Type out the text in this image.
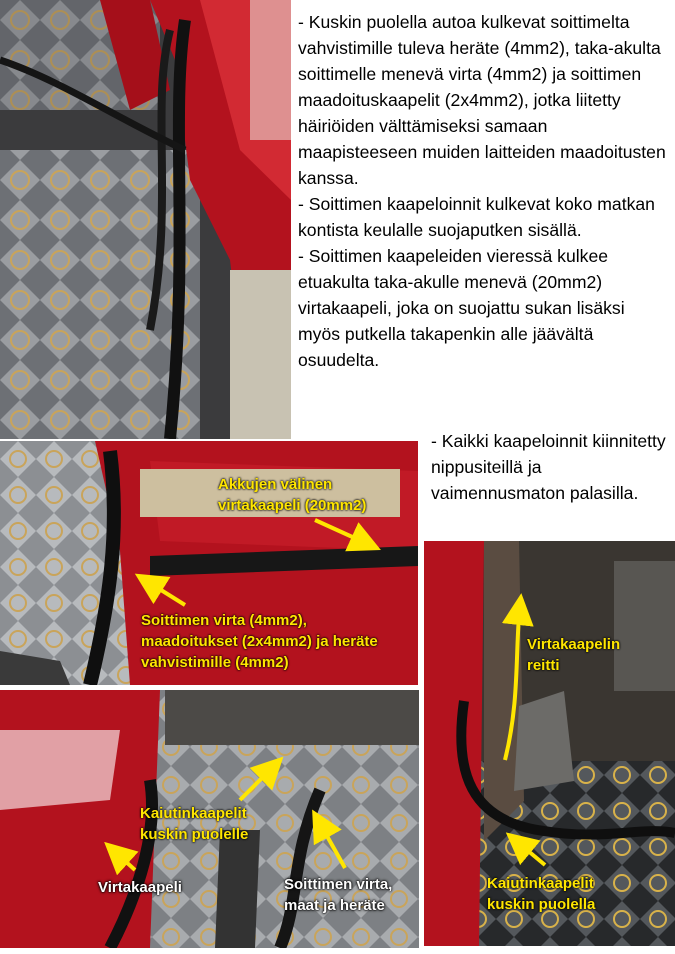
- Kuskin puolella autoa kulkevat soittimelta vahvistimille tuleva heräte (4mm2), taka-akulta soittimelle menevä virta (4mm2) ja soittimen maadoituskaapelit (2x4mm2), jotka liitetty häiriöiden välttämiseksi samaan maapisteeseen muiden laitteiden maadoitusten kanssa.

- Soittimen kaapeloinnit kulkevat koko matkan kontista keulalle suojaputken sisällä.

- Soittimen kaapeleiden vieressä kulkee etuakulta taka-akulle menevä (20mm2) virtakaapeli, joka on suojattu sukan lisäksi myös putkella takapenkin alle jäävältä osuudelta.

- Kaikki kaapeloinnit kiinnitetty nippusiteillä ja vaimennusmaton palasilla.
Akkujen välinen virtakaapeli (20mm2)
Soittimen virta (4mm2), maadoitukset (2x4mm2) ja heräte vahvistimille (4mm2)
Virtakaapelin reitti
Kaiutinkaapelit kuskin puolella
Kaiutinkaapelit kuskin puolelle
Virtakaapeli	Soittimen virta, maat ja heräte
